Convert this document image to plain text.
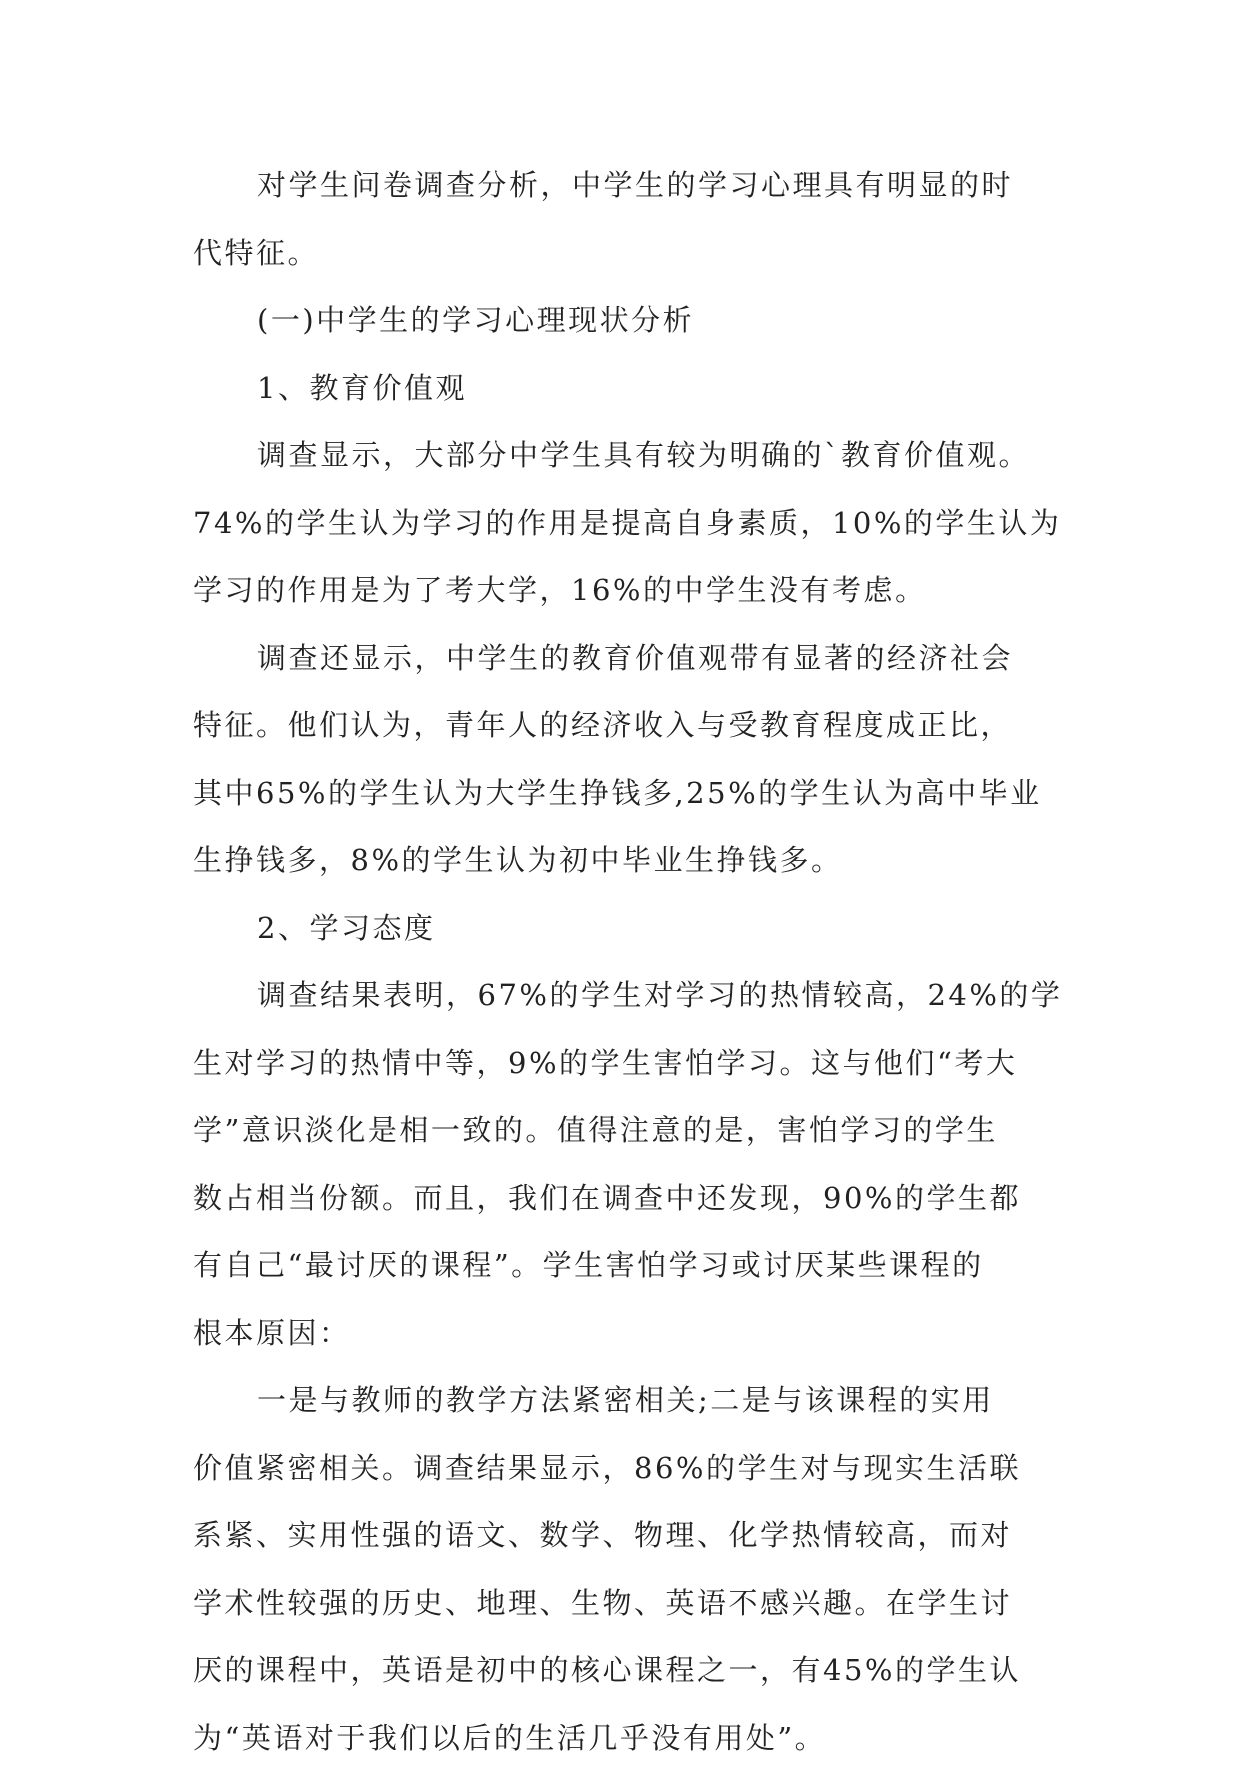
对学生问卷调查分析，中学生的学习心理具有明显的时
代特征。
(一)中学生的学习心理现状分析
1、教育价值观
调查显示，大部分中学生具有较为明确的`教育价值观。
74%的学生认为学习的作用是提高自身素质，10%的学生认为
学习的作用是为了考大学，16%的中学生没有考虑。
调查还显示，中学生的教育价值观带有显著的经济社会
特征。他们认为，青年人的经济收入与受教育程度成正比，
其中65%的学生认为大学生挣钱多,25%的学生认为高中毕业
生挣钱多，8%的学生认为初中毕业生挣钱多。
2、学习态度
调查结果表明，67%的学生对学习的热情较高，24%的学
生对学习的热情中等，9%的学生害怕学习。这与他们“考大
学”意识淡化是相一致的。值得注意的是，害怕学习的学生
数占相当份额。而且，我们在调查中还发现，90%的学生都
有自己“最讨厌的课程”。学生害怕学习或讨厌某些课程的
根本原因：
一是与教师的教学方法紧密相关;二是与该课程的实用
价值紧密相关。调查结果显示，86%的学生对与现实生活联
系紧、实用性强的语文、数学、物理、化学热情较高，而对
学术性较强的历史、地理、生物、英语不感兴趣。在学生讨
厌的课程中，英语是初中的核心课程之一，有45%的学生认
为“英语对于我们以后的生活几乎没有用处”。
